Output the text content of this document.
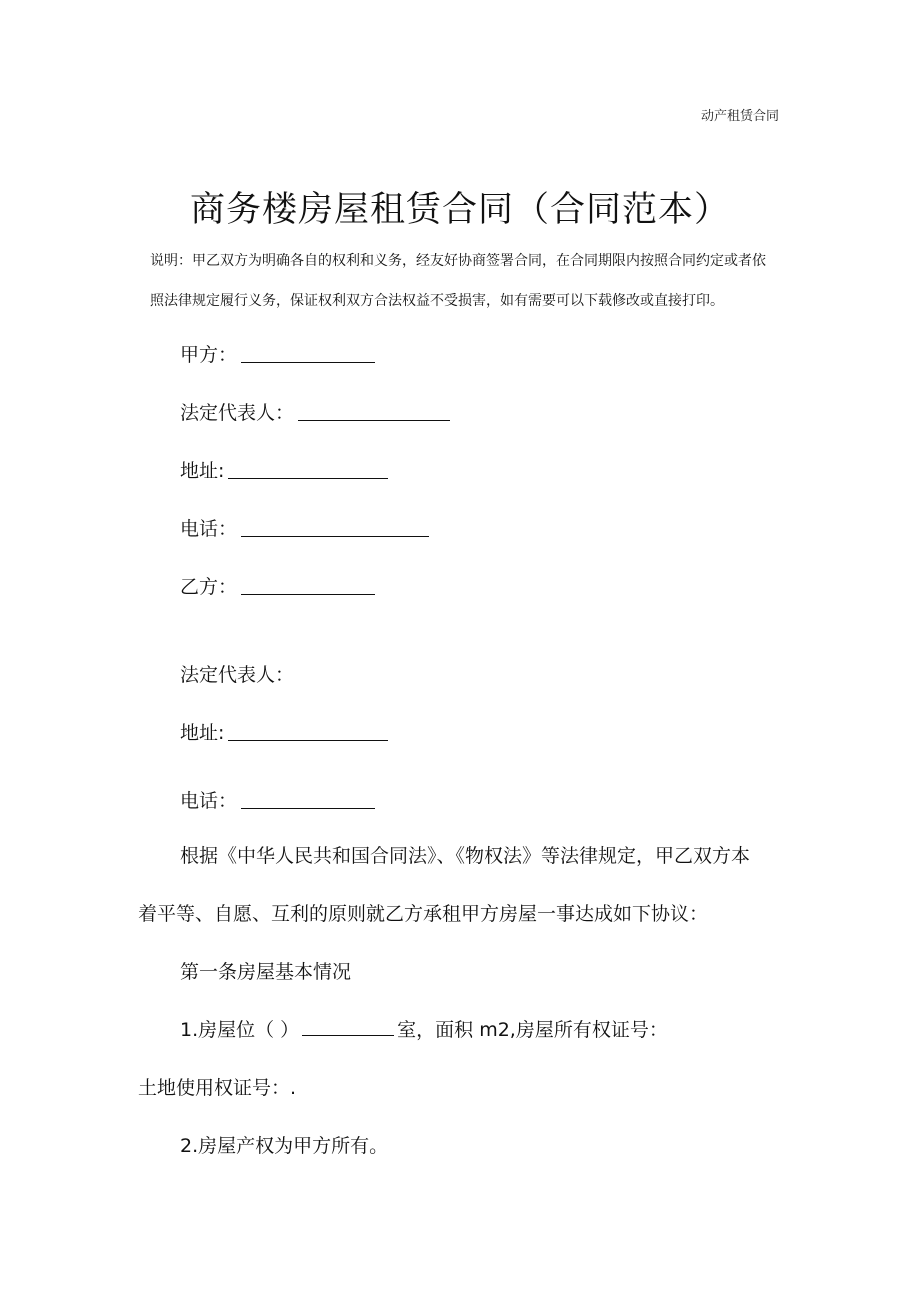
动产租赁合同
商务楼房屋租赁合同（合同范本）
说明：甲乙双方为明确各自的权利和义务，经友好协商签署合同，在合同期限内按照合同约定或者依
照法律规定履行义务，保证权利双方合法权益不受损害，如有需要可以下载修改或直接打印。
甲方：
法定代表人：
地址:
电话：
乙方：
法定代表人：
地址:
电话：
根据《中华人民共和国合同法》、《物权法》等法律规定，甲乙双方本
着平等、自愿、互利的原则就乙方承租甲方房屋一事达成如下协议：
第一条房屋基本情况
1.房屋位（ ）	室，面积 m2,房屋所有权证号：
土地使用权证号：.
2.房屋产权为甲方所有。
